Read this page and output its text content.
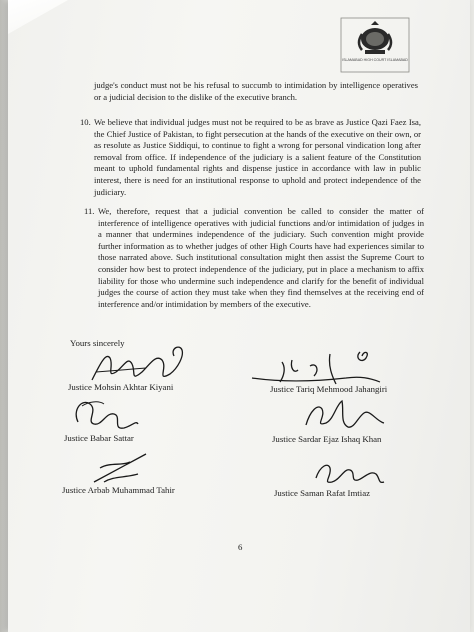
ISLAMABAD HIGH COURT ISLAMABAD

judge's conduct must not be his refusal to succumb to intimidation by intelligence operatives or a judicial decision to the dislike of the executive branch.

10. We believe that individual judges must not be required to be as brave as Justice Qazi Faez Isa, the Chief Justice of Pakistan, to fight persecution at the hands of the executive on their own, or as resolute as Justice Siddiqui, to continue to fight a wrong for personal vindication long after removal from office. If independence of the judiciary is a salient feature of the Constitution meant to uphold fundamental rights and dispense justice in accordance with law in public interest, there is need for an institutional response to uphold and protect independence of the judiciary.

11. We, therefore, request that a judicial convention be called to consider the matter of interference of intelligence operatives with judicial functions and/or intimidation of judges in a manner that undermines independence of the judiciary. Such convention might provide further information as to whether judges of other High Courts have had experiences similar to those narrated above. Such institutional consultation might then assist the Supreme Court to consider how best to protect independence of the judiciary, put in place a mechanism to affix liability for those who undermine such independence and clarify for the benefit of individual judges the course of action they must take when they find themselves at the receiving end of interference and/or intimidation by members of the executive.

Yours sincerely
Justice Mohsin Akhtar Kiyani	Justice Tariq Mehmood Jahangiri
Justice Babar Sattar	Justice Sardar Ejaz Ishaq Khan
Justice Arbab Muhammad Tahir	Justice Saman Rafat Imtiaz
6
